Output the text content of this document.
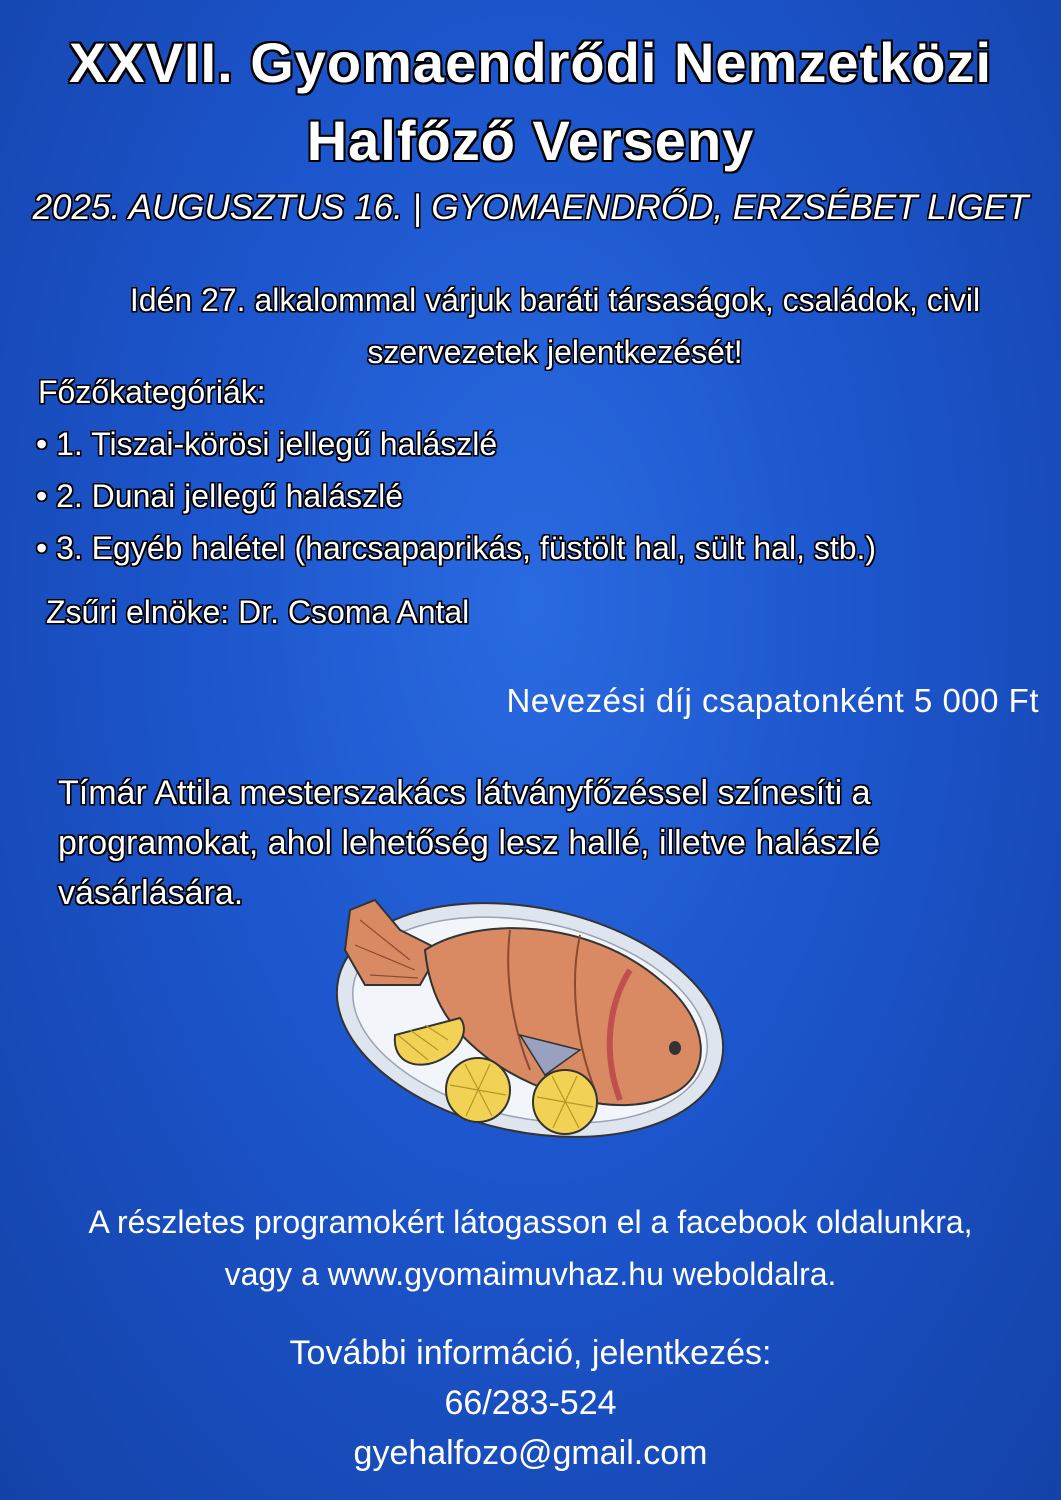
XXVII. Gyomaendrődi Nemzetközi
Halfőző Verseny
2025. AUGUSZTUS 16. | GYOMAENDRŐD, ERZSÉBET LIGET
Idén 27. alkalommal várjuk baráti társaságok, családok, civil szervezetek jelentkezését!
Főzőkategóriák:
• 1. Tiszai-körösi jellegű halászlé
• 2. Dunai jellegű halászlé
• 3. Egyéb halétel (harcsapaprikás, füstölt hal, sült hal, stb.)
Zsűri elnöke: Dr. Csoma Antal
Nevezési díj csapatonként 5 000 Ft
Tímár Attila mesterszakács látványfőzéssel színesíti a programokat, ahol lehetőség lesz hallé, illetve halászlé vásárlására.
A részletes programokért látogasson el a facebook oldalunkra,
vagy a www.gyomaimuvhaz.hu weboldalra.
További információ, jelentkezés:
66/283-524
gyehalfozo@gmail.com
